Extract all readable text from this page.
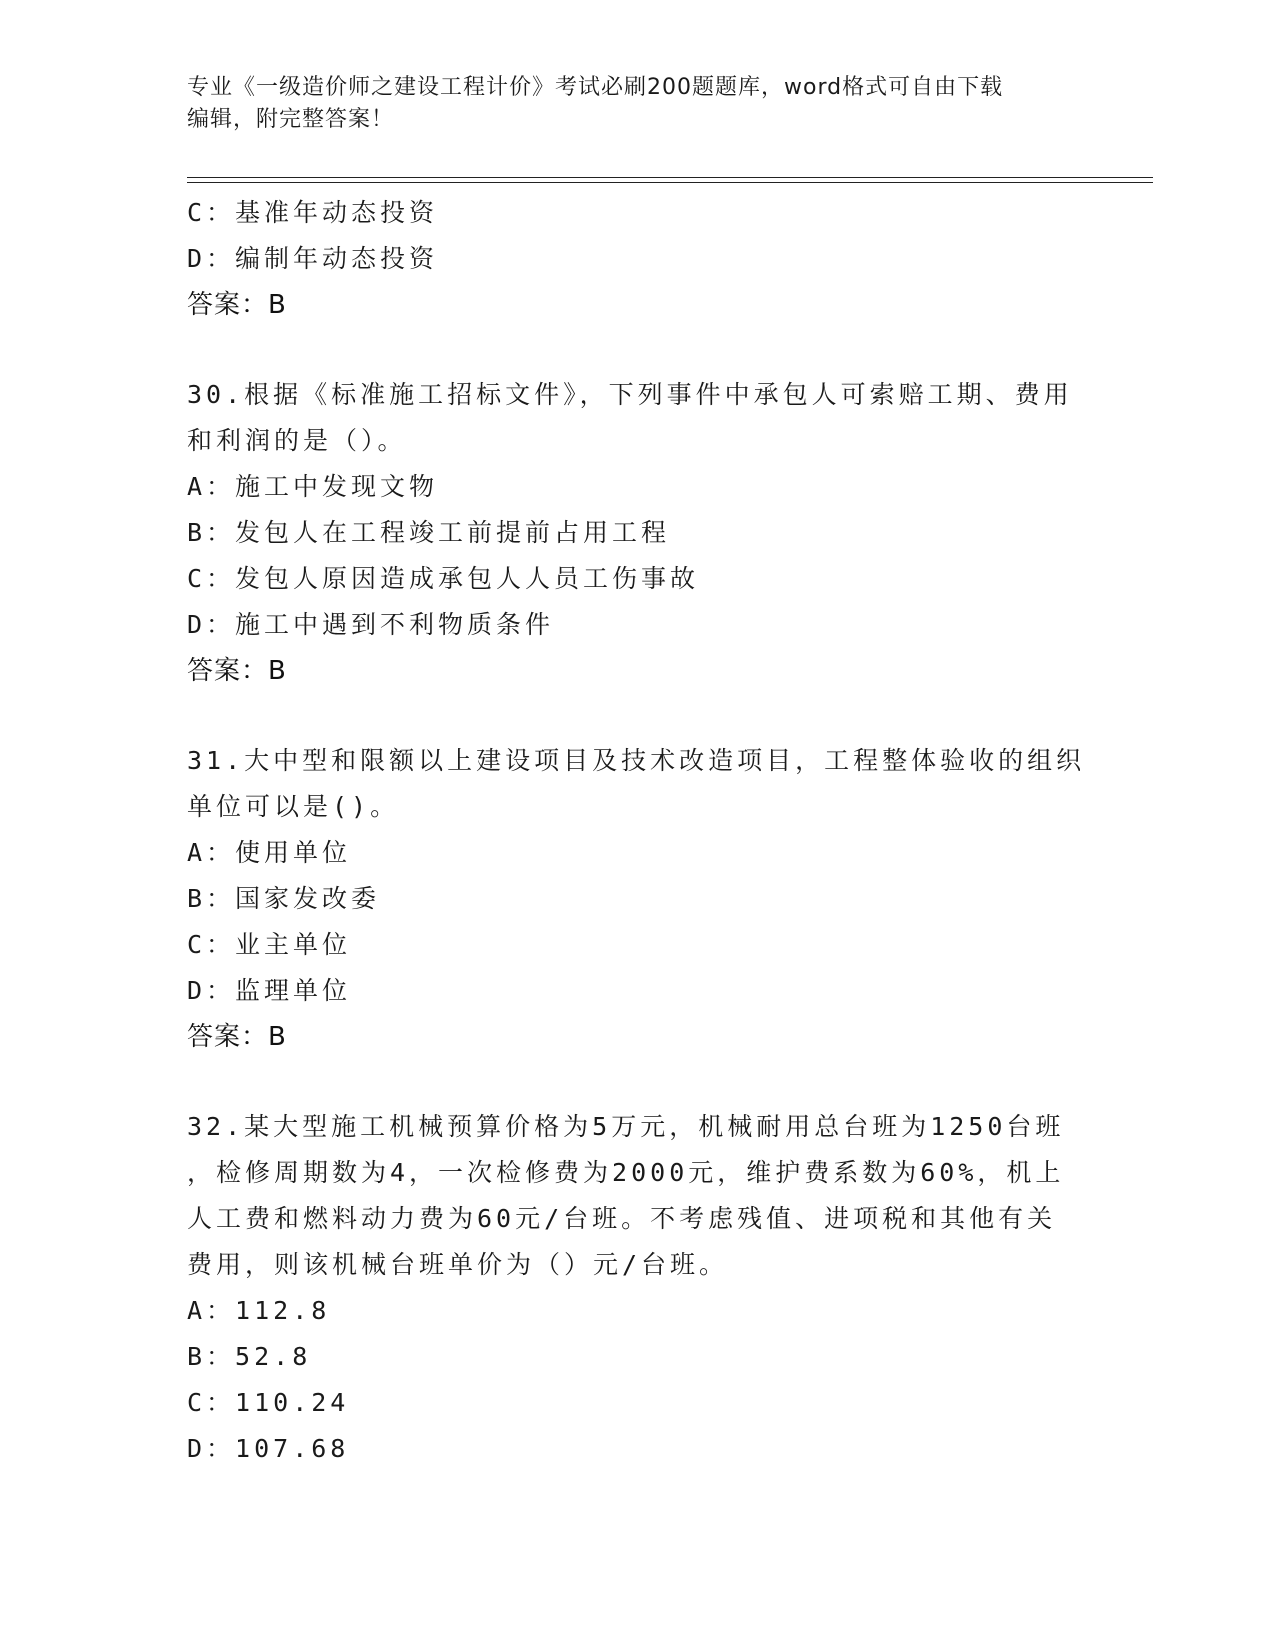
专业《一级造价师之建设工程计价》考试必刷200题题库，word格式可自由下载
编辑，附完整答案！
C：基准年动态投资
D：编制年动态投资
答案：B
30.根据《标准施工招标文件》，下列事件中承包人可索赔工期、费用
和利润的是（）。
A：施工中发现文物
B：发包人在工程竣工前提前占用工程
C：发包人原因造成承包人人员工伤事故
D：施工中遇到不利物质条件
答案：B
31.大中型和限额以上建设项目及技术改造项目，工程整体验收的组织
单位可以是()。
A：使用单位
B：国家发改委
C：业主单位
D：监理单位
答案：B
32.某大型施工机械预算价格为5万元，机械耐用总台班为1250台班
，检修周期数为4，一次检修费为2000元，维护费系数为60%，机上
人工费和燃料动力费为60元/台班。不考虑残值、进项税和其他有关
费用，则该机械台班单价为（）元/台班。
A：112.8
B：52.8
C：110.24
D：107.68
